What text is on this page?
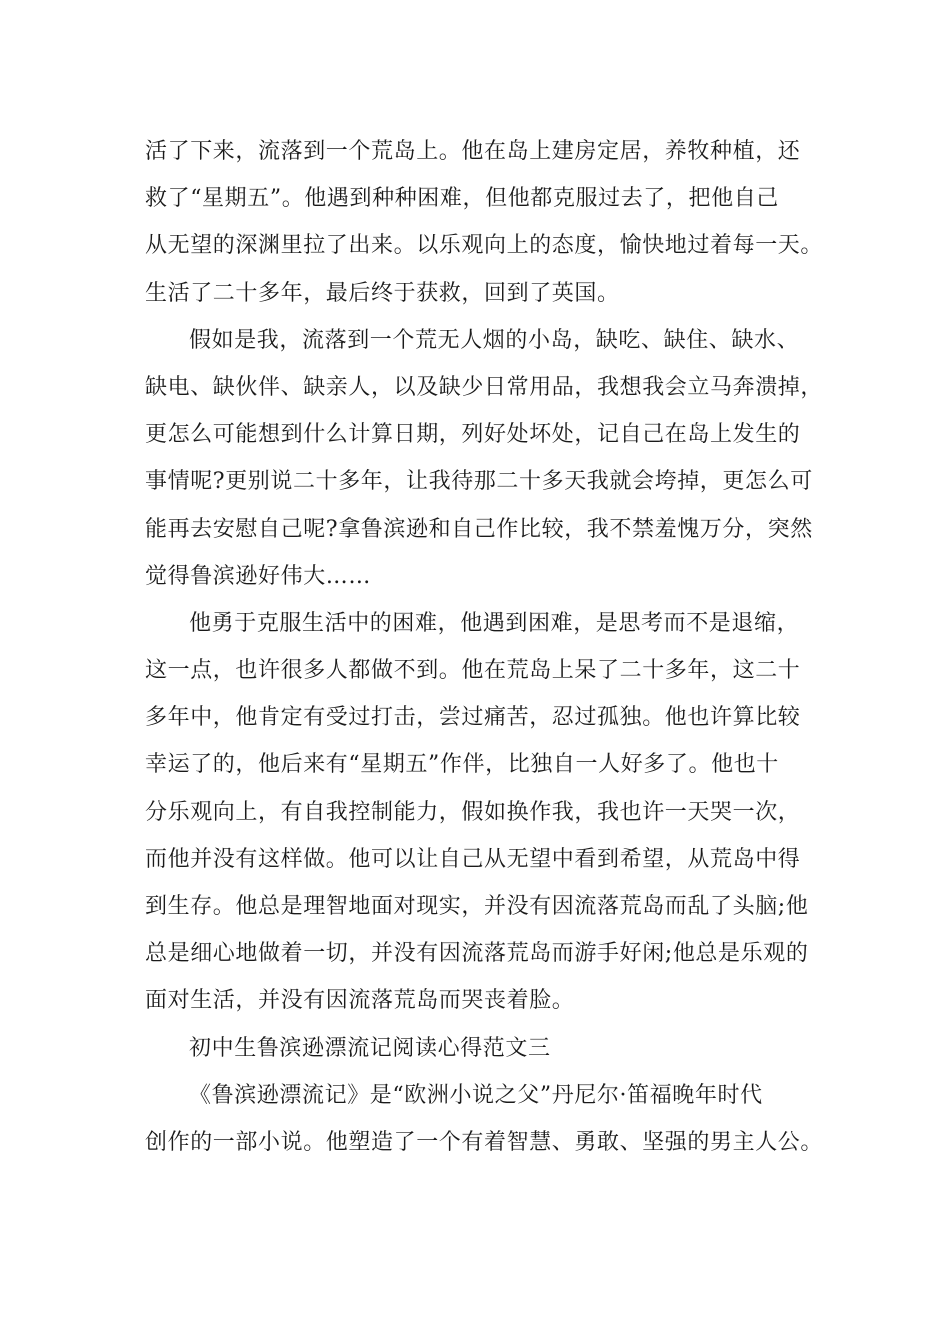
活了下来，流落到一个荒岛上。他在岛上建房定居，养牧种植，还
救了“星期五”。他遇到种种困难，但他都克服过去了，把他自己
从无望的深渊里拉了出来。以乐观向上的态度，愉快地过着每一天。
生活了二十多年，最后终于获救，回到了英国。
假如是我，流落到一个荒无人烟的小岛，缺吃、缺住、缺水、
缺电、缺伙伴、缺亲人，以及缺少日常用品，我想我会立马奔溃掉，
更怎么可能想到什么计算日期，列好处坏处，记自己在岛上发生的
事情呢?更别说二十多年，让我待那二十多天我就会垮掉，更怎么可
能再去安慰自己呢?拿鲁滨逊和自己作比较，我不禁羞愧万分，突然
觉得鲁滨逊好伟大……
他勇于克服生活中的困难，他遇到困难，是思考而不是退缩，
这一点，也许很多人都做不到。他在荒岛上呆了二十多年，这二十
多年中，他肯定有受过打击，尝过痛苦，忍过孤独。他也许算比较
幸运了的，他后来有“星期五”作伴，比独自一人好多了。他也十
分乐观向上，有自我控制能力，假如换作我，我也许一天哭一次，
而他并没有这样做。他可以让自己从无望中看到希望，从荒岛中得
到生存。他总是理智地面对现实，并没有因流落荒岛而乱了头脑;他
总是细心地做着一切，并没有因流落荒岛而游手好闲;他总是乐观的
面对生活，并没有因流落荒岛而哭丧着脸。
初中生鲁滨逊漂流记阅读心得范文三
《鲁滨逊漂流记》是“欧洲小说之父”丹尼尔·笛福晚年时代
创作的一部小说。他塑造了一个有着智慧、勇敢、坚强的男主人公。
